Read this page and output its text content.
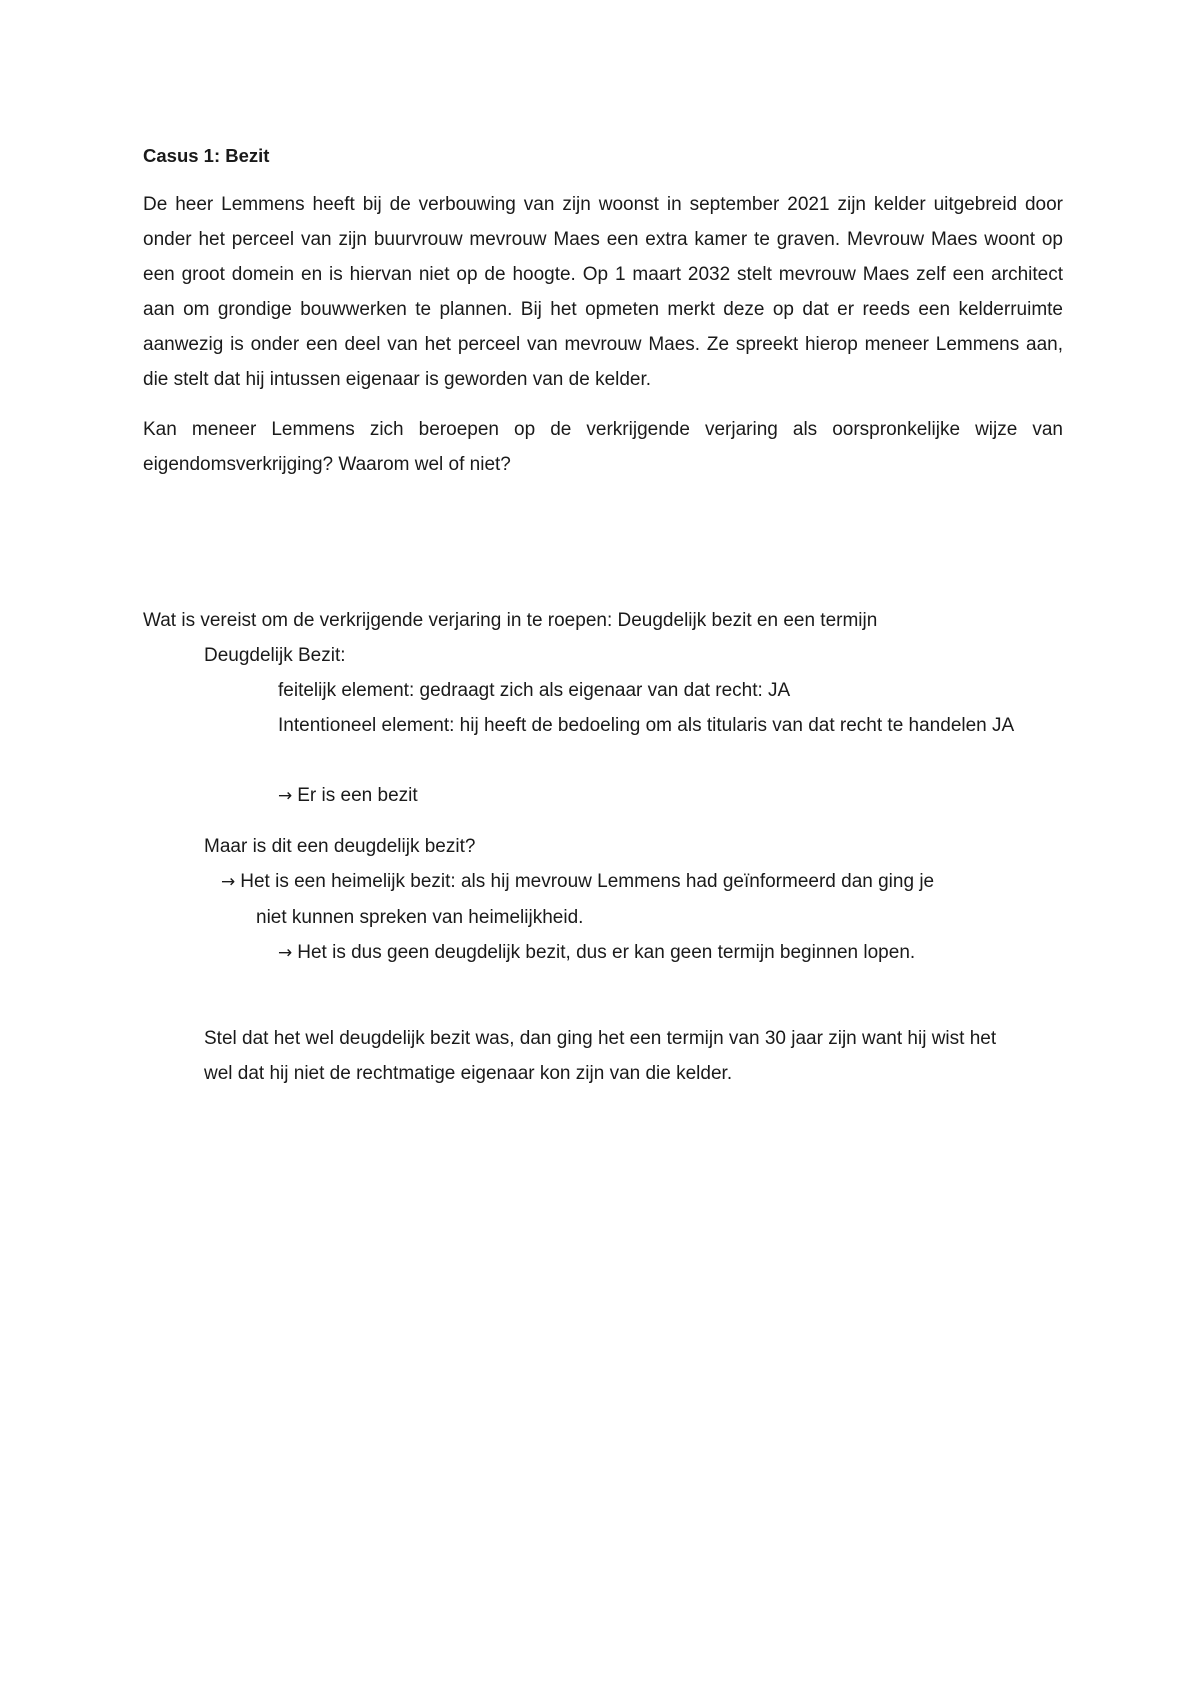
Casus 1: Bezit

De heer Lemmens heeft bij de verbouwing van zijn woonst in september 2021 zijn kelder uitgebreid door onder het perceel van zijn buurvrouw mevrouw Maes een extra kamer te graven. Mevrouw Maes woont op een groot domein en is hiervan niet op de hoogte. Op 1 maart 2032 stelt mevrouw Maes zelf een architect aan om grondige bouwwerken te plannen. Bij het opmeten merkt deze op dat er reeds een kelderruimte aanwezig is onder een deel van het perceel van mevrouw Maes. Ze spreekt hierop meneer Lemmens aan, die stelt dat hij intussen eigenaar is geworden van de kelder.

Kan meneer Lemmens zich beroepen op de verkrijgende verjaring als oorspronkelijke wijze van eigendomsverkrijging? Waarom wel of niet?

Wat is vereist om de verkrijgende verjaring in te roepen: Deugdelijk bezit en een termijn

Deugdelijk Bezit:

feitelijk element: gedraagt zich als eigenaar van dat recht: JA

Intentioneel element: hij heeft de bedoeling om als titularis van dat recht te handelen JA

→ Er is een bezit

Maar is dit een deugdelijk bezit?

→ Het is een heimelijk bezit: als hij mevrouw Lemmens had geïnformeerd dan ging je

niet kunnen spreken van heimelijkheid.

→ Het is dus geen deugdelijk bezit, dus er kan geen termijn beginnen lopen.

Stel dat het wel deugdelijk bezit was, dan ging het een termijn van 30 jaar zijn want hij wist het

wel dat hij niet de rechtmatige eigenaar kon zijn van die kelder.
